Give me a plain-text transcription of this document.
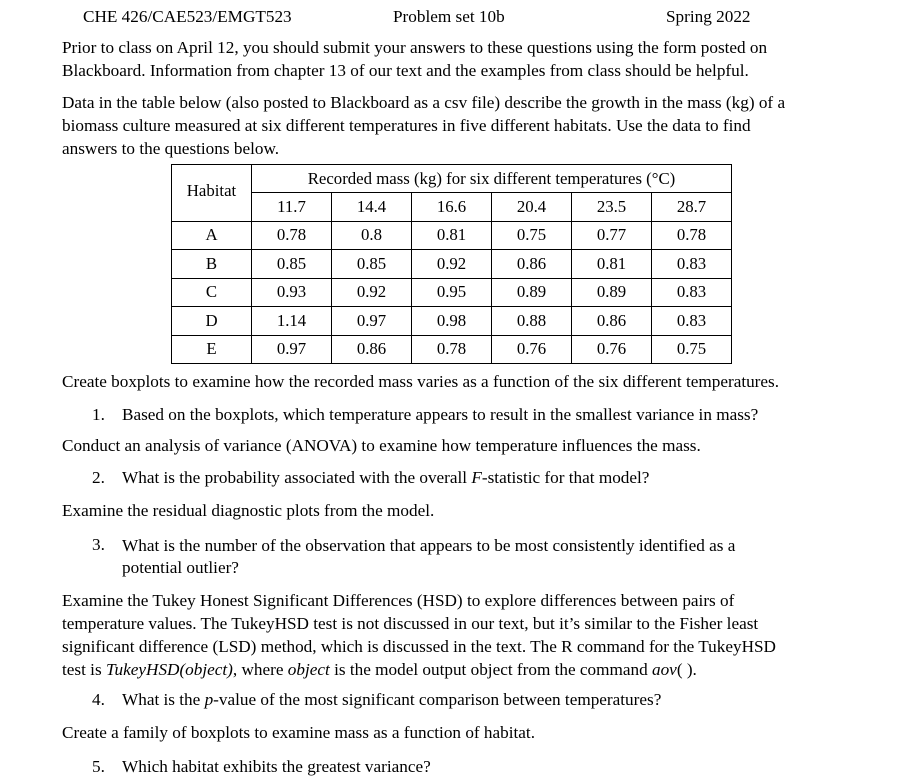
CHE 426/CAE523/EMGT523	Problem set 10b	Spring 2022
Prior to class on April 12, you should submit your answers to these questions using the form posted on
Blackboard. Information from chapter 13 of our text and the examples from class should be helpful.
Data in the table below (also posted to Blackboard as a csv file) describe the growth in the mass (kg) of a
biomass culture measured at six different temperatures in five different habitats. Use the data to find
answers to the questions below.
Habitat	Recorded mass (kg) for six different temperatures (°C)					
	11.7	14.4	16.6	20.4	23.5	28.7
A	0.78	0.8	0.81	0.75	0.77	0.78
B	0.85	0.85	0.92	0.86	0.81	0.83
C	0.93	0.92	0.95	0.89	0.89	0.83
D	1.14	0.97	0.98	0.88	0.86	0.83
E	0.97	0.86	0.78	0.76	0.76	0.75
Create boxplots to examine how the recorded mass varies as a function of the six different temperatures.
1. Based on the boxplots, which temperature appears to result in the smallest variance in mass?
Conduct an analysis of variance (ANOVA) to examine how temperature influences the mass.
2. What is the probability associated with the overall F-statistic for that model?
Examine the residual diagnostic plots from the model.
3. What is the number of the observation that appears to be most consistently identified as a
potential outlier?
Examine the Tukey Honest Significant Differences (HSD) to explore differences between pairs of
temperature values. The TukeyHSD test is not discussed in our text, but it’s similar to the Fisher least
significant difference (LSD) method, which is discussed in the text. The R command for the TukeyHSD
test is TukeyHSD(object), where object is the model output object from the command aov( ).
4. What is the p-value of the most significant comparison between temperatures?
Create a family of boxplots to examine mass as a function of habitat.
5. Which habitat exhibits the greatest variance?
